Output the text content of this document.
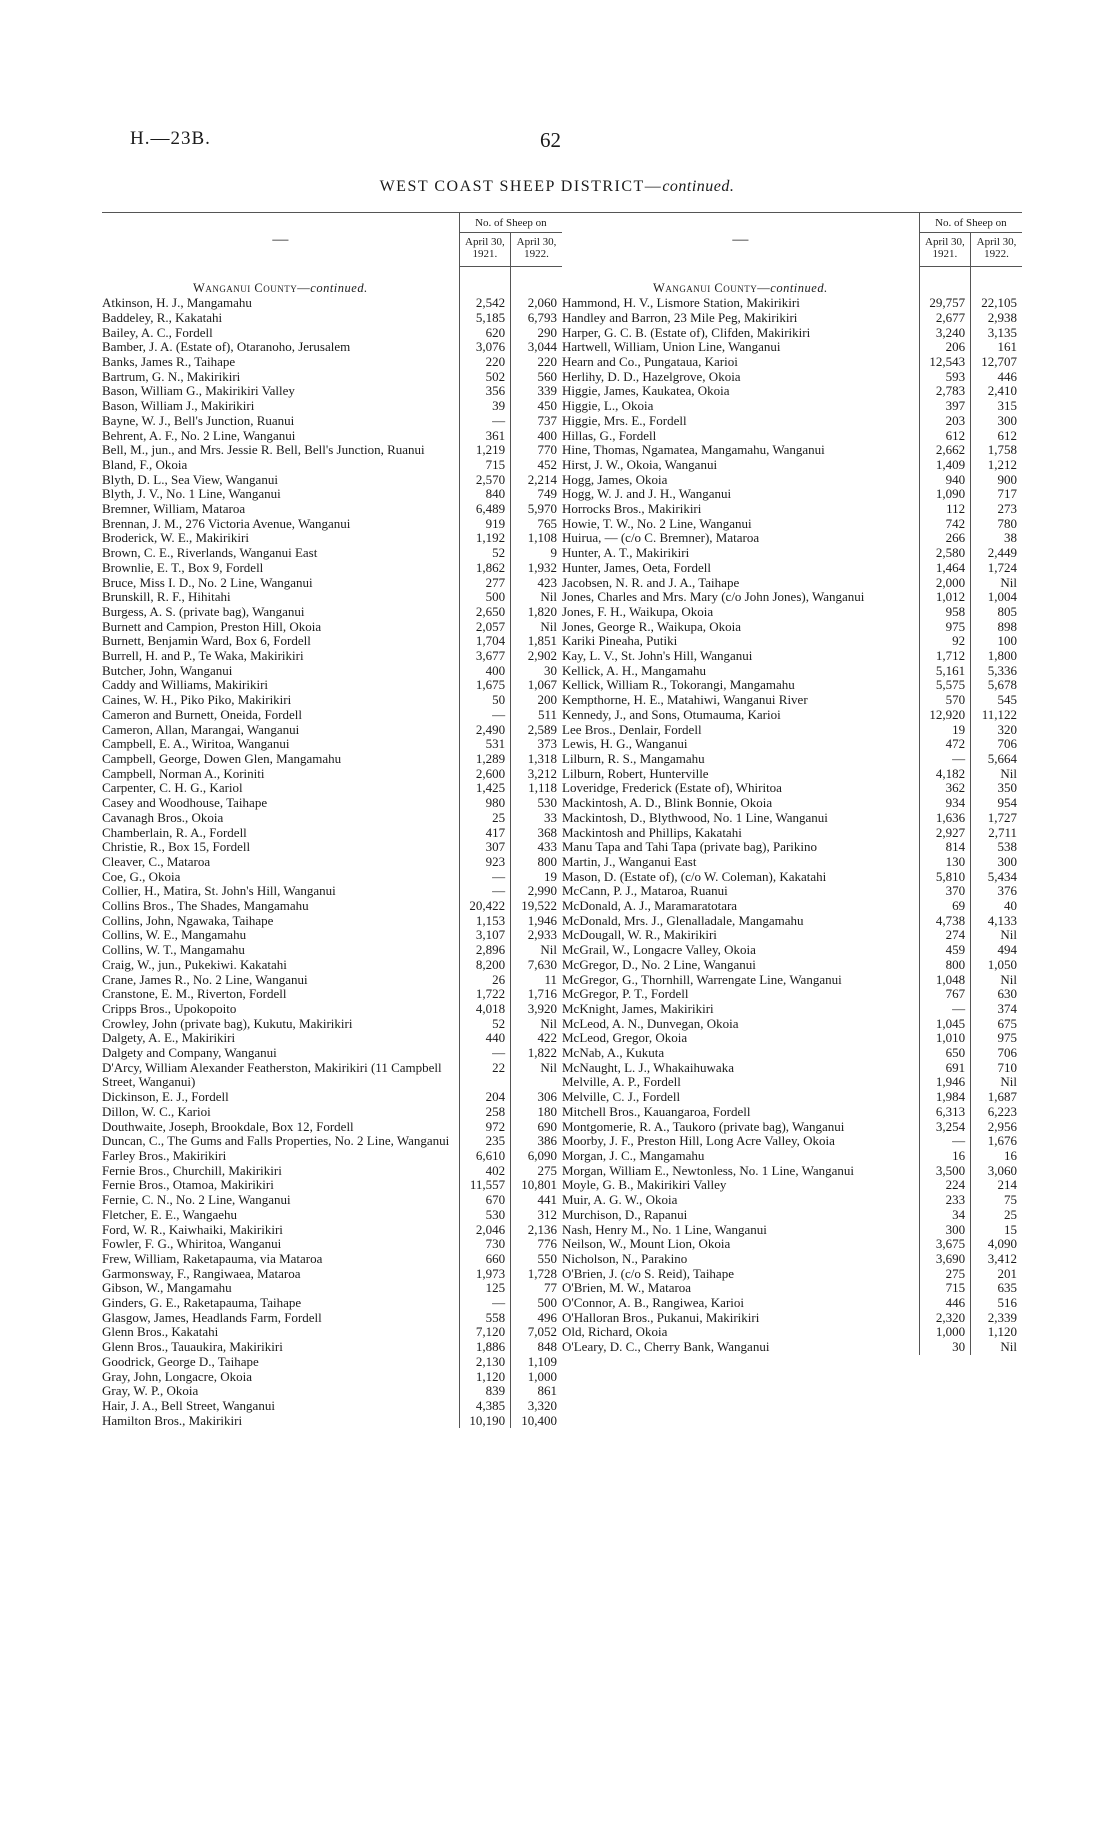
H.—23B.	62
WEST COAST SHEEP DISTRICT—continued.
—	No. of Sheep on	
	April 30,
1921.	April 30,
1922.
Wanganui County—continued.		
Atkinson, H. J., Mangamahu	2,542	2,060
Baddeley, R., Kakatahi	5,185	6,793
Bailey, A. C., Fordell	620	290
Bamber, J. A. (Estate of), Otaranoho, Jerusalem	3,076	3,044
Banks, James R., Taihape	220	220
Bartrum, G. N., Makirikiri	502	560
Bason, William G., Makirikiri Valley	356	339
Bason, William J., Makirikiri	39	450
Bayne, W. J., Bell's Junction, Ruanui	—	737
Behrent, A. F., No. 2 Line, Wanganui	361	400
Bell, M., jun., and Mrs. Jessie R. Bell, Bell's Junction, Ruanui	1,219	770
Bland, F., Okoia	715	452
Blyth, D. L., Sea View, Wanganui	2,570	2,214
Blyth, J. V., No. 1 Line, Wanganui	840	749
Bremner, William, Mataroa	6,489	5,970
Brennan, J. M., 276 Victoria Avenue, Wanganui	919	765
Broderick, W. E., Makirikiri	1,192	1,108
Brown, C. E., Riverlands, Wanganui East	52	9
Brownlie, E. T., Box 9, Fordell	1,862	1,932
Bruce, Miss I. D., No. 2 Line, Wanganui	277	423
Brunskill, R. F., Hihitahi	500	Nil
Burgess, A. S. (private bag), Wanganui	2,650	1,820
Burnett and Campion, Preston Hill, Okoia	2,057	Nil
Burnett, Benjamin Ward, Box 6, Fordell	1,704	1,851
Burrell, H. and P., Te Waka, Makirikiri	3,677	2,902
Butcher, John, Wanganui	400	30
Caddy and Williams, Makirikiri	1,675	1,067
Caines, W. H., Piko Piko, Makirikiri	50	200
Cameron and Burnett, Oneida, Fordell	—	511
Cameron, Allan, Marangai, Wanganui	2,490	2,589
Campbell, E. A., Wiritoa, Wanganui	531	373
Campbell, George, Dowen Glen, Mangamahu	1,289	1,318
Campbell, Norman A., Koriniti	2,600	3,212
Carpenter, C. H. G., Kariol	1,425	1,118
Casey and Woodhouse, Taihape	980	530
Cavanagh Bros., Okoia	25	33
Chamberlain, R. A., Fordell	417	368
Christie, R., Box 15, Fordell	307	433
Cleaver, C., Mataroa	923	800
Coe, G., Okoia	—	19
Collier, H., Matira, St. John's Hill, Wanganui	—	2,990
Collins Bros., The Shades, Mangamahu	20,422	19,522
Collins, John, Ngawaka, Taihape	1,153	1,946
Collins, W. E., Mangamahu	3,107	2,933
Collins, W. T., Mangamahu	2,896	Nil
Craig, W., jun., Pukekiwi. Kakatahi	8,200	7,630
Crane, James R., No. 2 Line, Wanganui	26	11
Cranstone, E. M., Riverton, Fordell	1,722	1,716
Cripps Bros., Upokopoito	4,018	3,920
Crowley, John (private bag), Kukutu, Makirikiri	52	Nil
Dalgety, A. E., Makirikiri	440	422
Dalgety and Company, Wanganui	—	1,822
D'Arcy, William Alexander Featherston, Makirikiri (11 Campbell Street, Wanganui)	22	Nil
Dickinson, E. J., Fordell	204	306
Dillon, W. C., Karioi	258	180
Douthwaite, Joseph, Brookdale, Box 12, Fordell	972	690
Duncan, C., The Gums and Falls Properties, No. 2 Line, Wanganui	235	386
Farley Bros., Makirikiri	6,610	6,090
Fernie Bros., Churchill, Makirikiri	402	275
Fernie Bros., Otamoa, Makirikiri	11,557	10,801
Fernie, C. N., No. 2 Line, Wanganui	670	441
Fletcher, E. E., Wangaehu	530	312
Ford, W. R., Kaiwhaiki, Makirikiri	2,046	2,136
Fowler, F. G., Whiritoa, Wanganui	730	776
Frew, William, Raketapauma, via Mataroa	660	550
Garmonsway, F., Rangiwaea, Mataroa	1,973	1,728
Gibson, W., Mangamahu	125	77
Ginders, G. E., Raketapauma, Taihape	—	500
Glasgow, James, Headlands Farm, Fordell	558	496
Glenn Bros., Kakatahi	7,120	7,052
Glenn Bros., Tauaukira, Makirikiri	1,886	848
Goodrick, George D., Taihape	2,130	1,109
Gray, John, Longacre, Okoia	1,120	1,000
Gray, W. P., Okoia	839	861
Hair, J. A., Bell Street, Wanganui	4,385	3,320
Hamilton Bros., Makirikiri	10,190	10,400
—	No. of Sheep on	
	April 30,
1921.	April 30,
1922.
Wanganui County—continued.		
Hammond, H. V., Lismore Station, Makirikiri	29,757	22,105
Handley and Barron, 23 Mile Peg, Makirikiri	2,677	2,938
Harper, G. C. B. (Estate of), Clifden, Makirikiri	3,240	3,135
Hartwell, William, Union Line, Wanganui	206	161
Hearn and Co., Pungataua, Karioi	12,543	12,707
Herlihy, D. D., Hazelgrove, Okoia	593	446
Higgie, James, Kaukatea, Okoia	2,783	2,410
Higgie, L., Okoia	397	315
Higgie, Mrs. E., Fordell	203	300
Hillas, G., Fordell	612	612
Hine, Thomas, Ngamatea, Mangamahu, Wanganui	2,662	1,758
Hirst, J. W., Okoia, Wanganui	1,409	1,212
Hogg, James, Okoia	940	900
Hogg, W. J. and J. H., Wanganui	1,090	717
Horrocks Bros., Makirikiri	112	273
Howie, T. W., No. 2 Line, Wanganui	742	780
Huirua, — (c/o C. Bremner), Mataroa	266	38
Hunter, A. T., Makirikiri	2,580	2,449
Hunter, James, Oeta, Fordell	1,464	1,724
Jacobsen, N. R. and J. A., Taihape	2,000	Nil
Jones, Charles and Mrs. Mary (c/o John Jones), Wanganui	1,012	1,004
Jones, F. H., Waikupa, Okoia	958	805
Jones, George R., Waikupa, Okoia	975	898
Kariki Pineaha, Putiki	92	100
Kay, L. V., St. John's Hill, Wanganui	1,712	1,800
Kellick, A. H., Mangamahu	5,161	5,336
Kellick, William R., Tokorangi, Mangamahu	5,575	5,678
Kempthorne, H. E., Matahiwi, Wanganui River	570	545
Kennedy, J., and Sons, Otumauma, Karioi	12,920	11,122
Lee Bros., Denlair, Fordell	19	320
Lewis, H. G., Wanganui	472	706
Lilburn, R. S., Mangamahu	—	5,664
Lilburn, Robert, Hunterville	4,182	Nil
Loveridge, Frederick (Estate of), Whiritoa	362	350
Mackintosh, A. D., Blink Bonnie, Okoia	934	954
Mackintosh, D., Blythwood, No. 1 Line, Wanganui	1,636	1,727
Mackintosh and Phillips, Kakatahi	2,927	2,711
Manu Tapa and Tahi Tapa (private bag), Parikino	814	538
Martin, J., Wanganui East	130	300
Mason, D. (Estate of), (c/o W. Coleman), Kakatahi	5,810	5,434
McCann, P. J., Mataroa, Ruanui	370	376
McDonald, A. J., Maramaratotara	69	40
McDonald, Mrs. J., Glenalladale, Mangamahu	4,738	4,133
McDougall, W. R., Makirikiri	274	Nil
McGrail, W., Longacre Valley, Okoia	459	494
McGregor, D., No. 2 Line, Wanganui	800	1,050
McGregor, G., Thornhill, Warrengate Line, Wanganui	1,048	Nil
McGregor, P. T., Fordell	767	630
McKnight, James, Makirikiri	—	374
McLeod, A. N., Dunvegan, Okoia	1,045	675
McLeod, Gregor, Okoia	1,010	975
McNab, A., Kukuta	650	706
McNaught, L. J., Whakaihuwaka	691	710
Melville, A. P., Fordell	1,946	Nil
Melville, C. J., Fordell	1,984	1,687
Mitchell Bros., Kauangaroa, Fordell	6,313	6,223
Montgomerie, R. A., Taukoro (private bag), Wanganui	3,254	2,956
Moorby, J. F., Preston Hill, Long Acre Valley, Okoia	—	1,676
Morgan, J. C., Mangamahu	16	16
Morgan, William E., Newtonless, No. 1 Line, Wanganui	3,500	3,060
Moyle, G. B., Makirikiri Valley	224	214
Muir, A. G. W., Okoia	233	75
Murchison, D., Rapanui	34	25
Nash, Henry M., No. 1 Line, Wanganui	300	15
Neilson, W., Mount Lion, Okoia	3,675	4,090
Nicholson, N., Parakino	3,690	3,412
O'Brien, J. (c/o S. Reid), Taihape	275	201
O'Brien, M. W., Mataroa	715	635
O'Connor, A. B., Rangiwea, Karioi	446	516
O'Halloran Bros., Pukanui, Makirikiri	2,320	2,339
Old, Richard, Okoia	1,000	1,120
O'Leary, D. C., Cherry Bank, Wanganui	30	Nil
